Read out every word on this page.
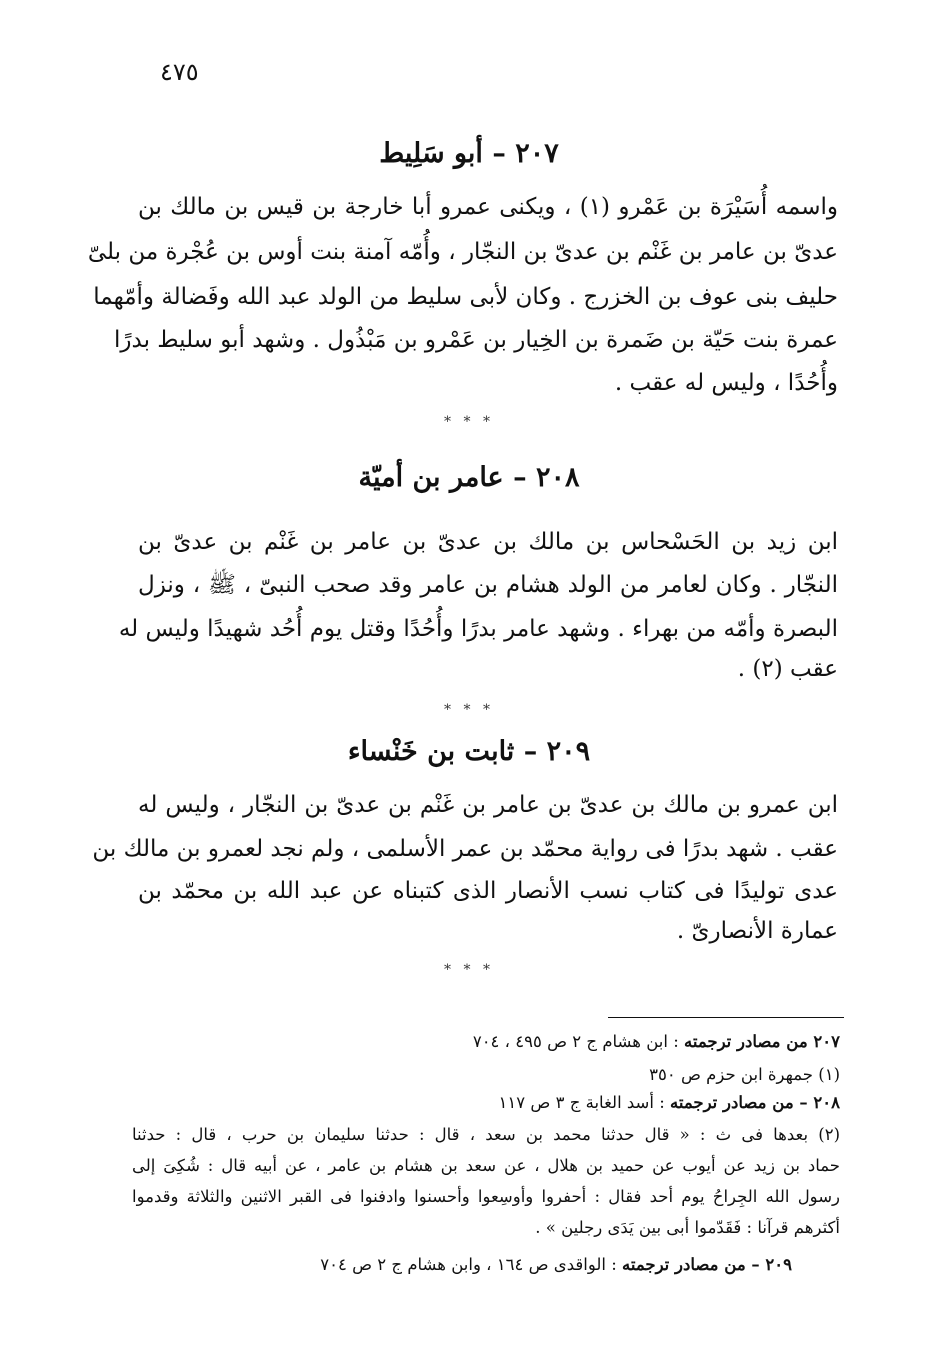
٤٧٥
٢٠٧ – أبو سَلِيط
واسمه أُسَيْرَة بن عَمْرو (١) ، ويكنى عمرو أبا خارجة بن قيس بن مالك بن
عدىّ بن عامر بن غَنْم بن عدىّ بن النجّار ، وأُمّه آمنة بنت أوس بن عُجْرة من بلىّ
حليف بنى عوف بن الخزرج . وكان لأبى سليط من الولد عبد الله وفَضالة وأمّهما
عمرة بنت حَيّة بن ضَمرة بن الخِيار بن عَمْرو بن مَبْذُول . وشهد أبو سليط بدرًا
وأُحُدًا ، وليس له عقب .
* * *
٢٠٨ – عامر بن أميّة
ابن زيد بن الحَسْحاس بن مالك بن عدىّ بن عامر بن غَنْم بن عدىّ بن
النجّار . وكان لعامر من الولد هشام بن عامر وقد صحب النبىّ ، ﷺ ، ونزل
البصرة وأمّه من بهراء . وشهد عامر بدرًا وأُحُدًا وقتل يوم أُحُد شهيدًا وليس له
عقب (٢) .
* * *
٢٠٩ – ثابت بن خَنْساء
ابن عمرو بن مالك بن عدىّ بن عامر بن غَنْم بن عدىّ بن النجّار ، وليس له
عقب . شهد بدرًا فى رواية محمّد بن عمر الأسلمى ، ولم نجد لعمرو بن مالك بن
عدى توليدًا فى كتاب نسب الأنصار الذى كتبناه عن عبد الله بن محمّد بن
عمارة الأنصارىّ .
* * *
٢٠٧ من مصادر ترجمته : ابن هشام ج ٢ ص ٤٩٥ ، ٧٠٤
(١) جمهرة ابن حزم ص ٣٥٠
٢٠٨ – من مصادر ترجمته : أسد الغابة ج ٣ ص ١١٧
(٢) بعدها فى ث : « قال حدثنا محمد بن سعد ، قال : حدثنا سليمان بن حرب ، قال : حدثنا
حماد بن زيد عن أيوب عن حميد بن هلال ، عن سعد بن هشام بن عامر ، عن أبيه قال : شُكِىَ إلى
رسول الله الجِراحُ يوم أحد فقال : أحفروا وأوسِعوا وأحسنوا وادفنوا فى القبر الاثنين والثلاثة وقدموا
أكثرهم قرآنا : فَقَدّموا أبى بين يَدَى رجلين » .
٢٠٩ – من مصادر ترجمته : الواقدى ص ١٦٤ ، وابن هشام ج ٢ ص ٧٠٤
